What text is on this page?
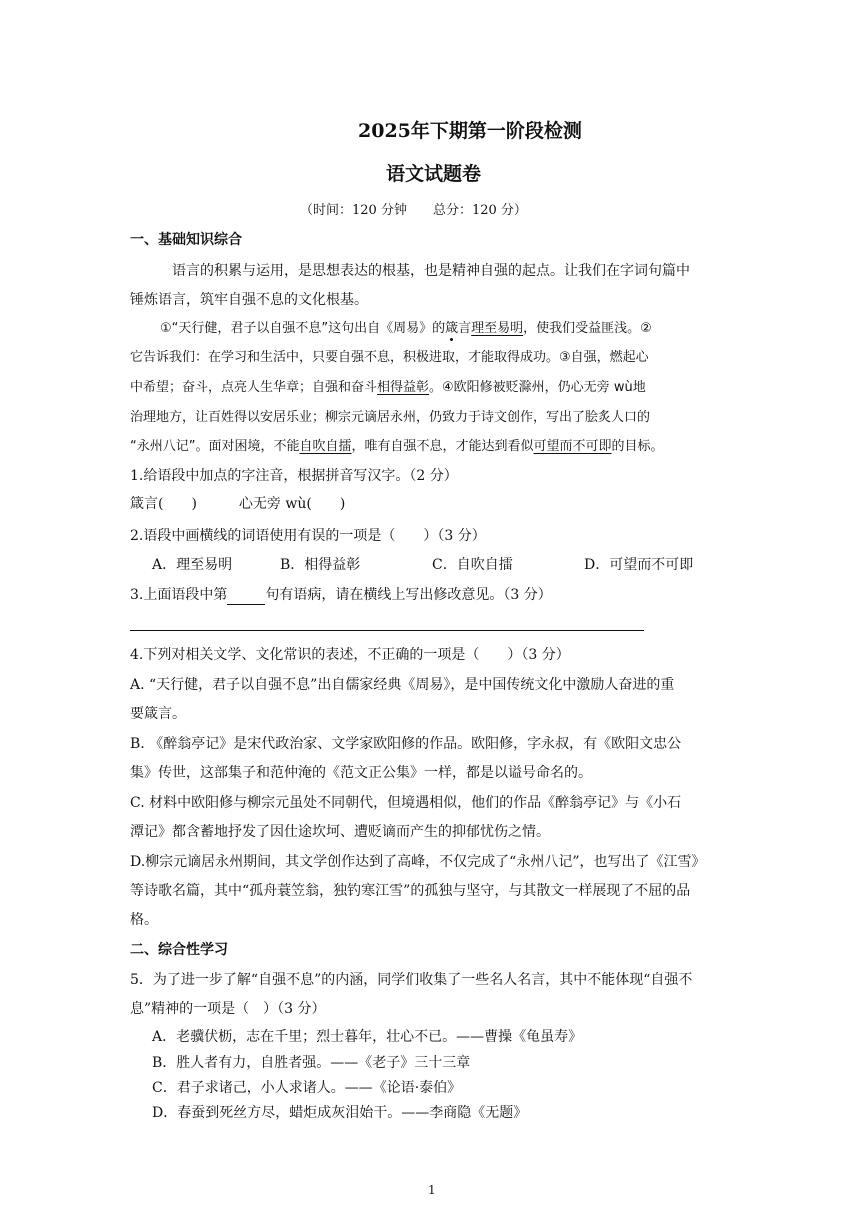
2025年下期第一阶段检测
语文试题卷
（时间：120 分钟　　总分：120 分）
一、基础知识综合
语言的积累与运用，是思想表达的根基，也是精神自强的起点。让我们在字词句篇中
锤炼语言，筑牢自强不息的文化根基。
①“天行健，君子以自强不息”这句出自《周易》的箴言理至易明，使我们受益匪浅。②
它告诉我们：在学习和生活中，只要自强不息，积极进取，才能取得成功。③自强，燃起心
中希望；奋斗，点亮人生华章；自强和奋斗相得益彰。④欧阳修被贬滁州，仍心无旁 wù地
治理地方，让百姓得以安居乐业；柳宗元谪居永州，仍致力于诗文创作，写出了脍炙人口的
“永州八记”。面对困境，不能自吹自擂，唯有自强不息，才能达到看似可望而不可即的目标。
1.给语段中加点的字注音，根据拼音写汉字。（2 分）
箴言(　　)　　　心无旁 wù(　　)
2.语段中画横线的词语使用有误的一项是（　　）（3 分）
A．理至易明	B．相得益彰	C．自吹自擂	D．可望而不可即
3.上面语段中第	句有语病，请在横线上写出修改意见。（3 分）
4.下列对相关文学、文化常识的表述，不正确的一项是（　　）（3 分）
A. “天行健，君子以自强不息”出自儒家经典《周易》，是中国传统文化中激励人奋进的重
要箴言。
B. 《醉翁亭记》是宋代政治家、文学家欧阳修的作品。欧阳修，字永叔，有《欧阳文忠公
集》传世，这部集子和范仲淹的《范文正公集》一样，都是以谥号命名的。
C. 材料中欧阳修与柳宗元虽处不同朝代，但境遇相似，他们的作品《醉翁亭记》与《小石
潭记》都含蓄地抒发了因仕途坎坷、遭贬谪而产生的抑郁忧伤之情。
D.柳宗元谪居永州期间，其文学创作达到了高峰，不仅完成了“永州八记”，也写出了《江雪》
等诗歌名篇，其中“孤舟蓑笠翁，独钓寒江雪”的孤独与坚守，与其散文一样展现了不屈的品
格。
二、综合性学习
5．为了进一步了解“自强不息”的内涵，同学们收集了一些名人名言，其中不能体现“自强不
息”精神的一项是（　）（3 分）
A．老骥伏枥，志在千里；烈士暮年，壮心不已。——曹操《龟虽寿》
B．胜人者有力，自胜者强。——《老子》三十三章
C．君子求诸己，小人求诸人。——《论语·泰伯》
D．春蚕到死丝方尽，蜡炬成灰泪始干。——李商隐《无题》
1
